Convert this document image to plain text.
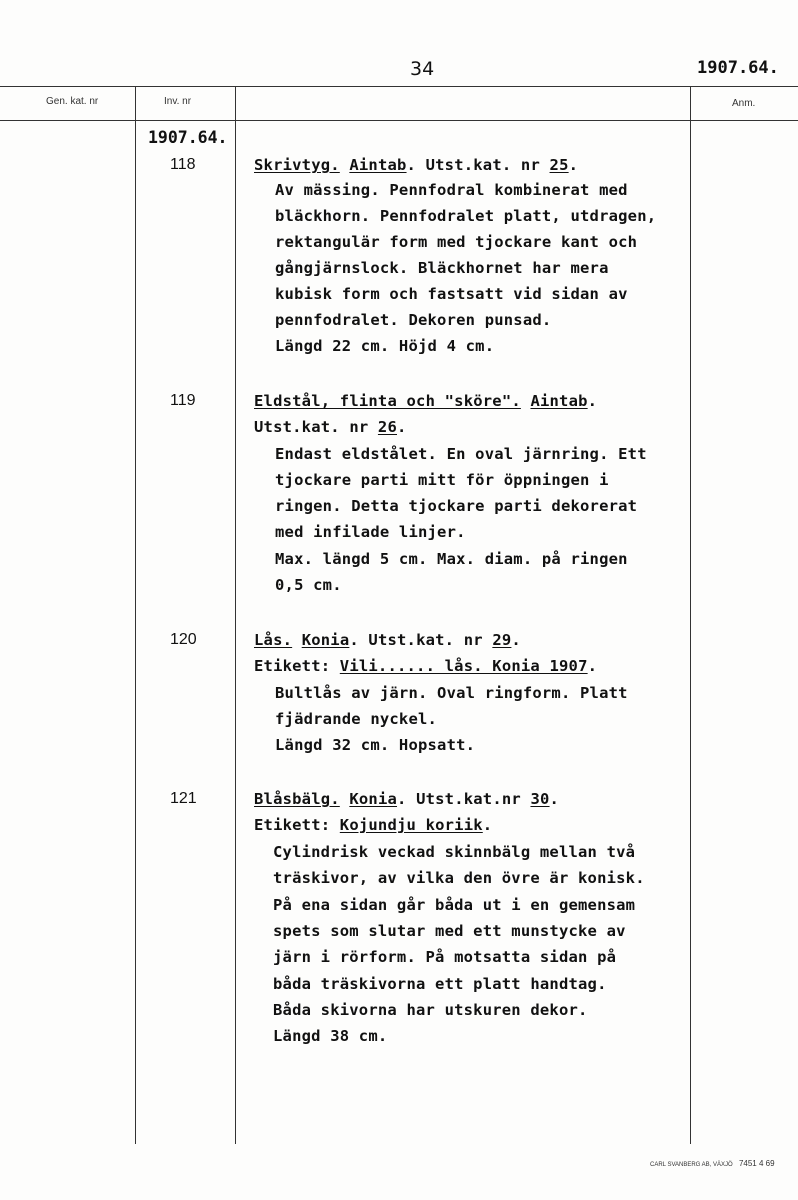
34	1907.64.
Gen. kat. nr	Inv. nr	Anm.
1907.64.
118	Skrivtyg. Aintab. Utst.kat. nr 25.
Av mässing. Pennfodral kombinerat med
bläckhorn. Pennfodralet platt, utdragen,
rektangulär form med tjockare kant och
gångjärnslock. Bläckhornet har mera
kubisk form och fastsatt vid sidan av
pennfodralet. Dekoren punsad.
Längd 22 cm. Höjd 4 cm.
119	Eldstål, flinta och "sköre". Aintab.
Utst.kat. nr 26.
Endast eldstålet. En oval järnring. Ett
tjockare parti mitt för öppningen i
ringen. Detta tjockare parti dekorerat
med infilade linjer.
Max. längd 5 cm. Max. diam. på ringen
0,5 cm.
120	Lås. Konia. Utst.kat. nr 29.
Etikett: Vili...... lås. Konia 1907.
Bultlås av järn. Oval ringform. Platt
fjädrande nyckel.
Längd 32 cm. Hopsatt.
121	Blåsbälg. Konia. Utst.kat.nr 30.
Etikett: Kojundju koriik.
Cylindrisk veckad skinnbälg mellan två
träskivor, av vilka den övre är konisk.
På ena sidan går båda ut i en gemensam
spets som slutar med ett munstycke av
järn i rörform. På motsatta sidan på
båda träskivorna ett platt handtag.
Båda skivorna har utskuren dekor.
Längd 38 cm.
CARL SVANBERG AB, VÄXJÖ 7451 4 69
